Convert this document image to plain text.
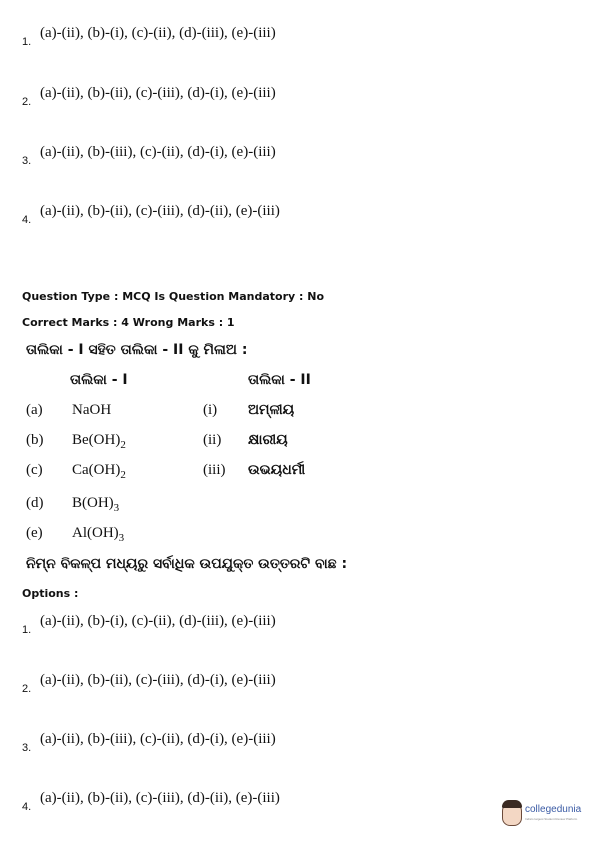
1.
(a)-(ii), (b)-(i), (c)-(ii), (d)-(iii), (e)-(iii)
2.
(a)-(ii), (b)-(ii), (c)-(iii), (d)-(i), (e)-(iii)
3.
(a)-(ii), (b)-(iii), (c)-(ii), (d)-(i), (e)-(iii)
4.
(a)-(ii), (b)-(ii), (c)-(iii), (d)-(ii), (e)-(iii)
Question Type : MCQ Is Question Mandatory : No
Correct Marks : 4 Wrong Marks : 1
ତାଲିକା - I ସହିତ ତାଲିକା - II କୁ ମିଳାଅ :
ତାଲିକା - I	ତାଲିକା - II
(a) NaOH	(i) ଅମ୍ଳୀୟ
(b) $Be(OH)_2$	(ii) କ୍ଷାରୀୟ
(c) $Ca(OH)_2$	(iii) ଉଭୟଧର୍ମୀ
(d) $B(OH)_3$
(e) $Al(OH)_3$
ନିମ୍ନ ବିକଳ୍ପ ମଧ୍ୟରୁ ସର୍ବାଧିକ ଉପଯୁକ୍ତ ଉତ୍ତରଟି ବାଛ :
Options :
1.
(a)-(ii), (b)-(i), (c)-(ii), (d)-(iii), (e)-(iii)
2.
(a)-(ii), (b)-(ii), (c)-(iii), (d)-(i), (e)-(iii)
3.
(a)-(ii), (b)-(iii), (c)-(ii), (d)-(i), (e)-(iii)
4.
(a)-(ii), (b)-(ii), (c)-(iii), (d)-(ii), (e)-(iii)
collegedunia
India's largest Student Review Platform
